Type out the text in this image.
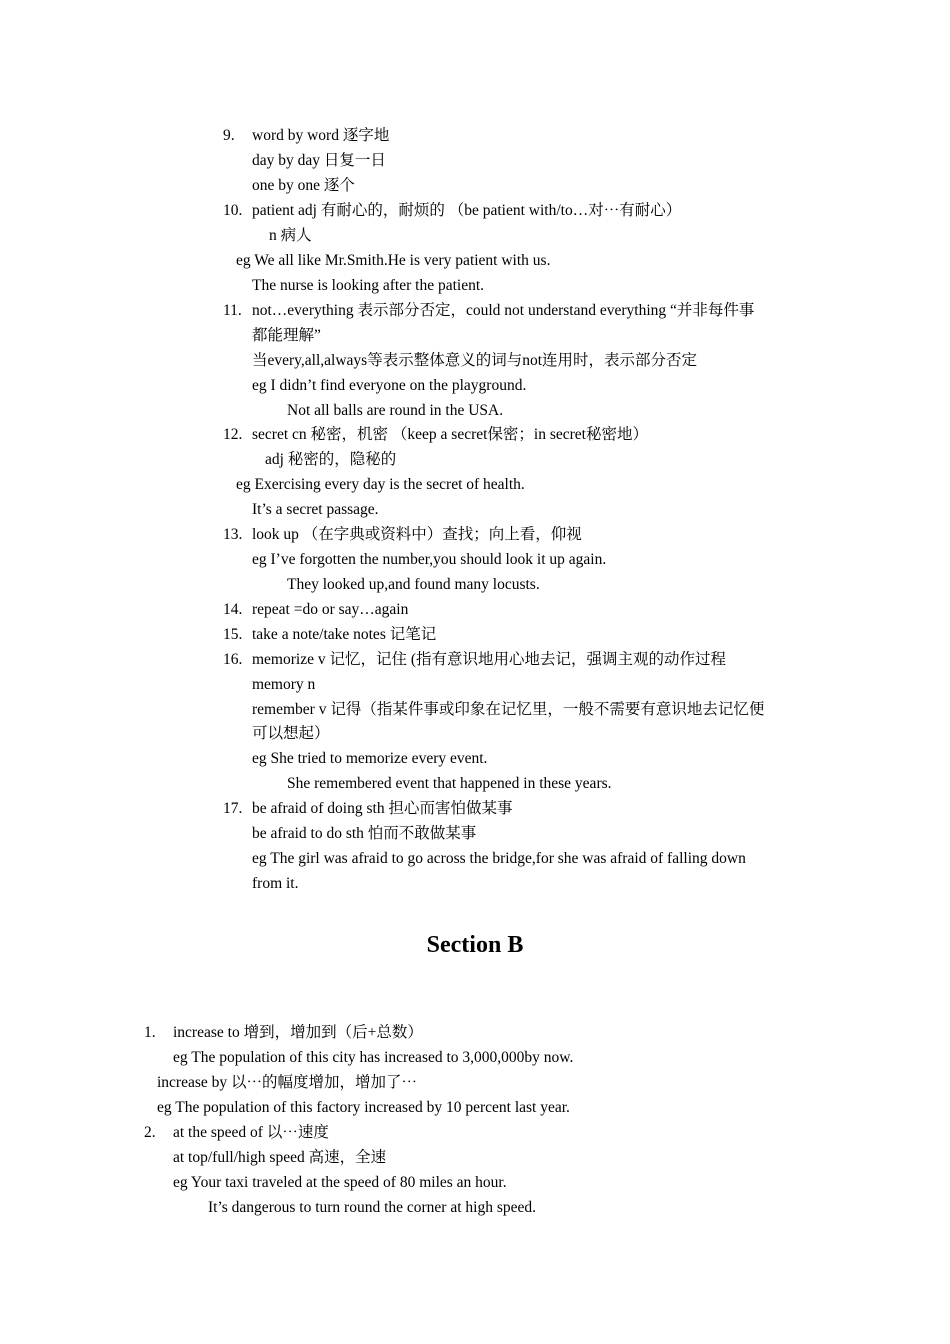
9. word by word 逐字地
day by day 日复一日
one by one 逐个
10. patient adj 有耐心的，耐烦的 （be patient with/to…对⋯有耐心）
n 病人
eg We all like Mr.Smith.He is very patient with us.
The nurse is looking after the patient.
11. not…everything 表示部分否定，could not understand everything “并非每件事
都能理解”
当every,all,always等表示整体意义的词与not连用时，表示部分否定
eg I didn’t find everyone on the playground.
Not all balls are round in the USA.
12. secret cn 秘密，机密 （keep a secret保密；in secret秘密地）
adj 秘密的，隐秘的
eg Exercising every day is the secret of health.
It’s a secret passage.
13. look up （在字典或资料中）查找；向上看，仰视
eg I’ve forgotten the number,you should look it up again.
They looked up,and found many locusts.
14. repeat =do or say…again
15. take a note/take notes 记笔记
16. memorize v 记忆，记住 (指有意识地用心地去记，强调主观的动作过程
memory n
remember v 记得（指某件事或印象在记忆里，一般不需要有意识地去记忆便
可以想起）
eg She tried to memorize every event.
She remembered event that happened in these years.
17. be afraid of doing sth 担心而害怕做某事
be afraid to do sth 怕而不敢做某事
eg The girl was afraid to go across the bridge,for she was afraid of falling down
from it.
Section B
1. increase to 增到，增加到（后+总数）
eg The population of this city has increased to 3,000,000by now.
increase by 以⋯的幅度增加，增加了⋯
eg The population of this factory increased by 10 percent last year.
2. at the speed of 以⋯速度
at top/full/high speed 高速，全速
eg Your taxi traveled at the speed of 80 miles an hour.
It’s dangerous to turn round the corner at high speed.
